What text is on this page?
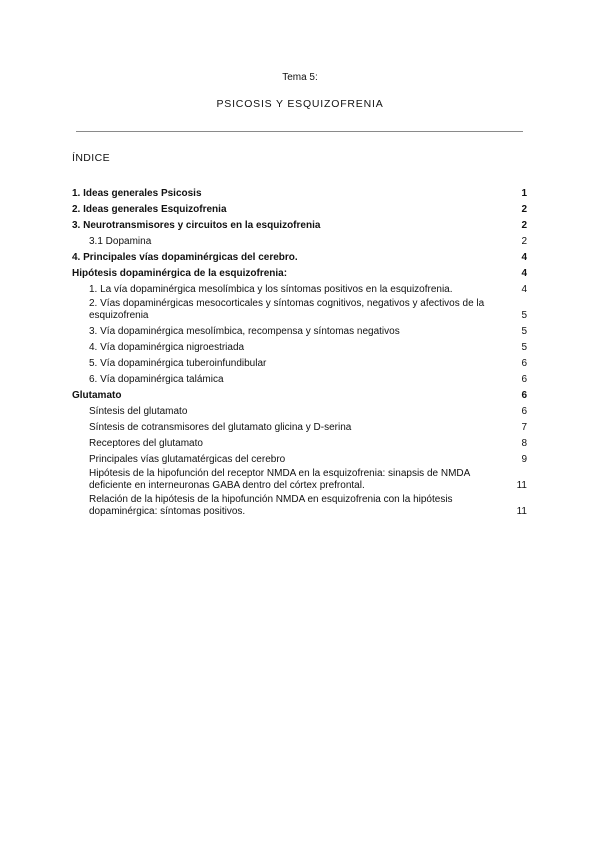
Tema 5:
PSICOSIS Y ESQUIZOFRENIA
ÍNDICE
1. Ideas generales Psicosis	1
2. Ideas generales Esquizofrenia	2
3. Neurotransmisores y circuitos en la esquizofrenia	2
3.1 Dopamina	2
4. Principales vías dopaminérgicas del cerebro.	4
Hipótesis dopaminérgica de la esquizofrenia:	4
1. La vía dopaminérgica mesolímbica y los síntomas positivos en la esquizofrenia.	4
2. Vías dopaminérgicas mesocorticales y síntomas cognitivos, negativos y afectivos de la esquizofrenia	5
3. Vía dopaminérgica mesolímbica, recompensa y síntomas negativos	5
4. Vía dopaminérgica nigroestriada	5
5. Vía dopaminérgica tuberoinfundibular	6
6. Vía dopaminérgica talámica	6
Glutamato	6
Síntesis del glutamato	6
Síntesis de cotransmisores del glutamato glicina y D-serina	7
Receptores del glutamato	8
Principales vías glutamatérgicas del cerebro	9
Hipótesis de la hipofunción del receptor NMDA en la esquizofrenia: sinapsis de NMDA deficiente en interneuronas GABA dentro del córtex prefrontal.	11
Relación de la hipótesis de la hipofunción NMDA en esquizofrenia con la hipótesis dopaminérgica: síntomas positivos.	11
